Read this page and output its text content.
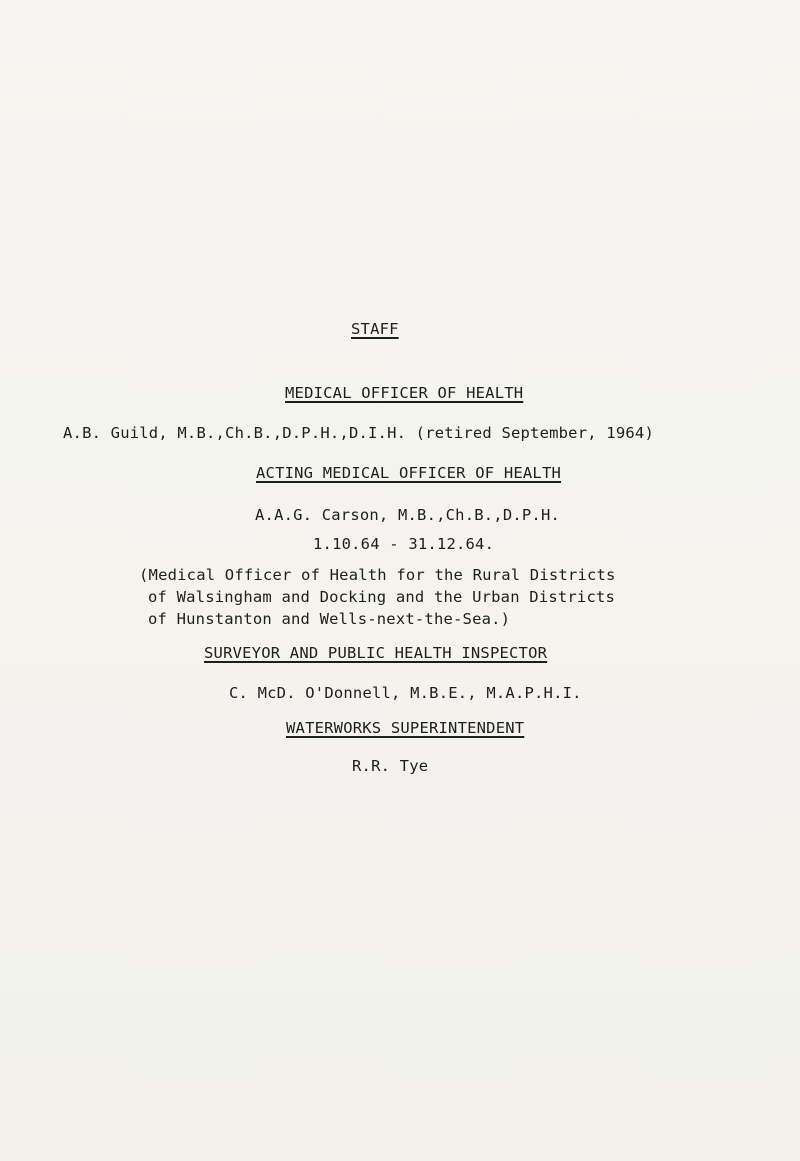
STAFF
MEDICAL OFFICER OF HEALTH
A.B. Guild, M.B.,Ch.B.,D.P.H.,D.I.H. (retired September, 1964)
ACTING MEDICAL OFFICER OF HEALTH
A.A.G. Carson, M.B.,Ch.B.,D.P.H.
1.10.64 - 31.12.64.
(Medical Officer of Health for the Rural Districts
of Walsingham and Docking and the Urban Districts
of Hunstanton and Wells-next-the-Sea.)
SURVEYOR AND PUBLIC HEALTH INSPECTOR
C. McD. O'Donnell, M.B.E., M.A.P.H.I.
WATERWORKS SUPERINTENDENT
R.R. Tye
